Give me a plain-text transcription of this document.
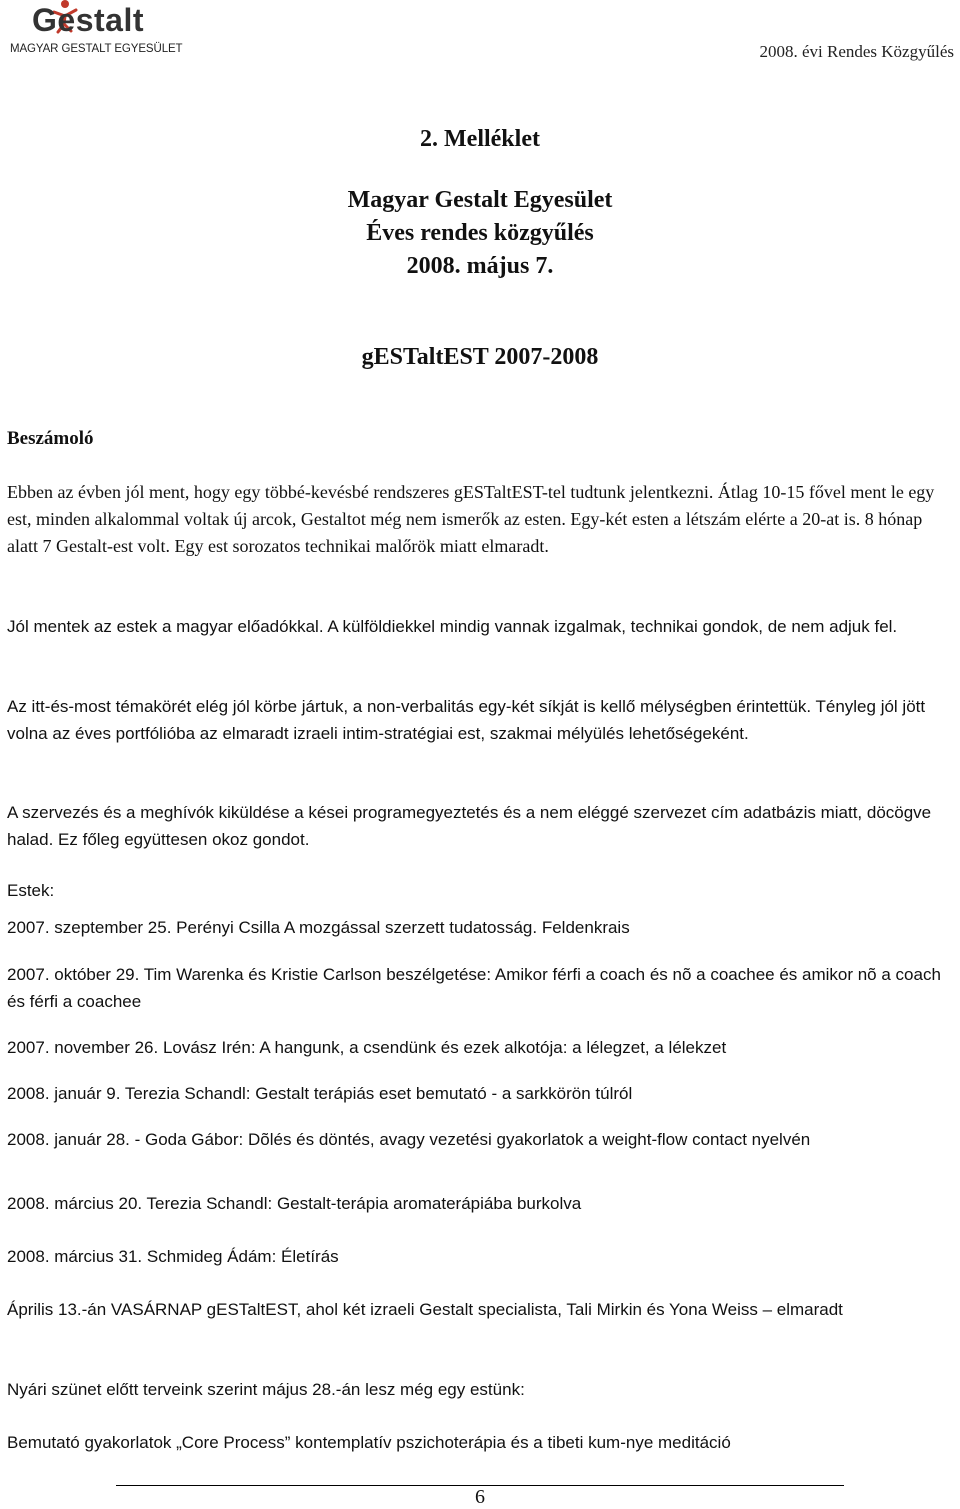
Gestalt
MAGYAR GESTALT EGYESÜLET	2008. évi Rendes Közgyűlés
2. Melléklet
Magyar Gestalt Egyesület
Éves rendes közgyűlés
2008. május 7.
gESTaltEST 2007-2008
Beszámoló
Ebben az évben jól ment, hogy egy többé-kevésbé rendszeres gESTaltEST-tel tudtunk jelentkezni. Átlag 10-15 fővel ment le egy est, minden alkalommal voltak új arcok, Gestaltot még nem ismerők az esten. Egy-két esten a létszám elérte a 20-at is. 8 hónap alatt 7 Gestalt-est volt. Egy est sorozatos technikai malőrök miatt elmaradt.
Jól mentek az estek a magyar előadókkal. A külföldiekkel mindig vannak izgalmak, technikai gondok, de nem adjuk fel.
Az itt-és-most témakörét elég jól körbe jártuk, a non-verbalitás egy-két síkját is kellő mélységben érintettük. Tényleg jól jött volna az éves portfólióba az elmaradt izraeli intim-stratégiai est, szakmai mélyülés lehetőségeként.
A szervezés és a meghívók kiküldése a kései programegyeztetés és a nem eléggé szervezet cím adatbázis miatt, döcögve halad. Ez főleg együttesen okoz gondot.
Estek:
2007. szeptember 25. Perényi Csilla A mozgással szerzett tudatosság. Feldenkrais
2007. október 29. Tim Warenka és Kristie Carlson beszélgetése: Amikor férfi a coach és nõ a coachee és amikor nõ a coach és férfi a coachee
2007. november 26. Lovász Irén: A hangunk, a csendünk és ezek alkotója: a lélegzet, a lélekzet
2008. január 9. Terezia Schandl: Gestalt terápiás eset bemutató - a sarkkörön túlról
2008. január 28. - Goda Gábor: Dõlés és döntés, avagy vezetési gyakorlatok a weight-flow contact nyelvén
2008. március 20. Terezia Schandl: Gestalt-terápia aromaterápiába burkolva
2008. március 31. Schmideg Ádám: Életírás
Április 13.-án VASÁRNAP gESTaltEST, ahol két izraeli Gestalt specialista, Tali Mirkin és Yona Weiss – elmaradt
Nyári szünet előtt terveink szerint május 28.-án lesz még egy estünk:
Bemutató gyakorlatok „Core Process” kontemplatív pszichoterápia és a tibeti kum-nye meditáció
6
